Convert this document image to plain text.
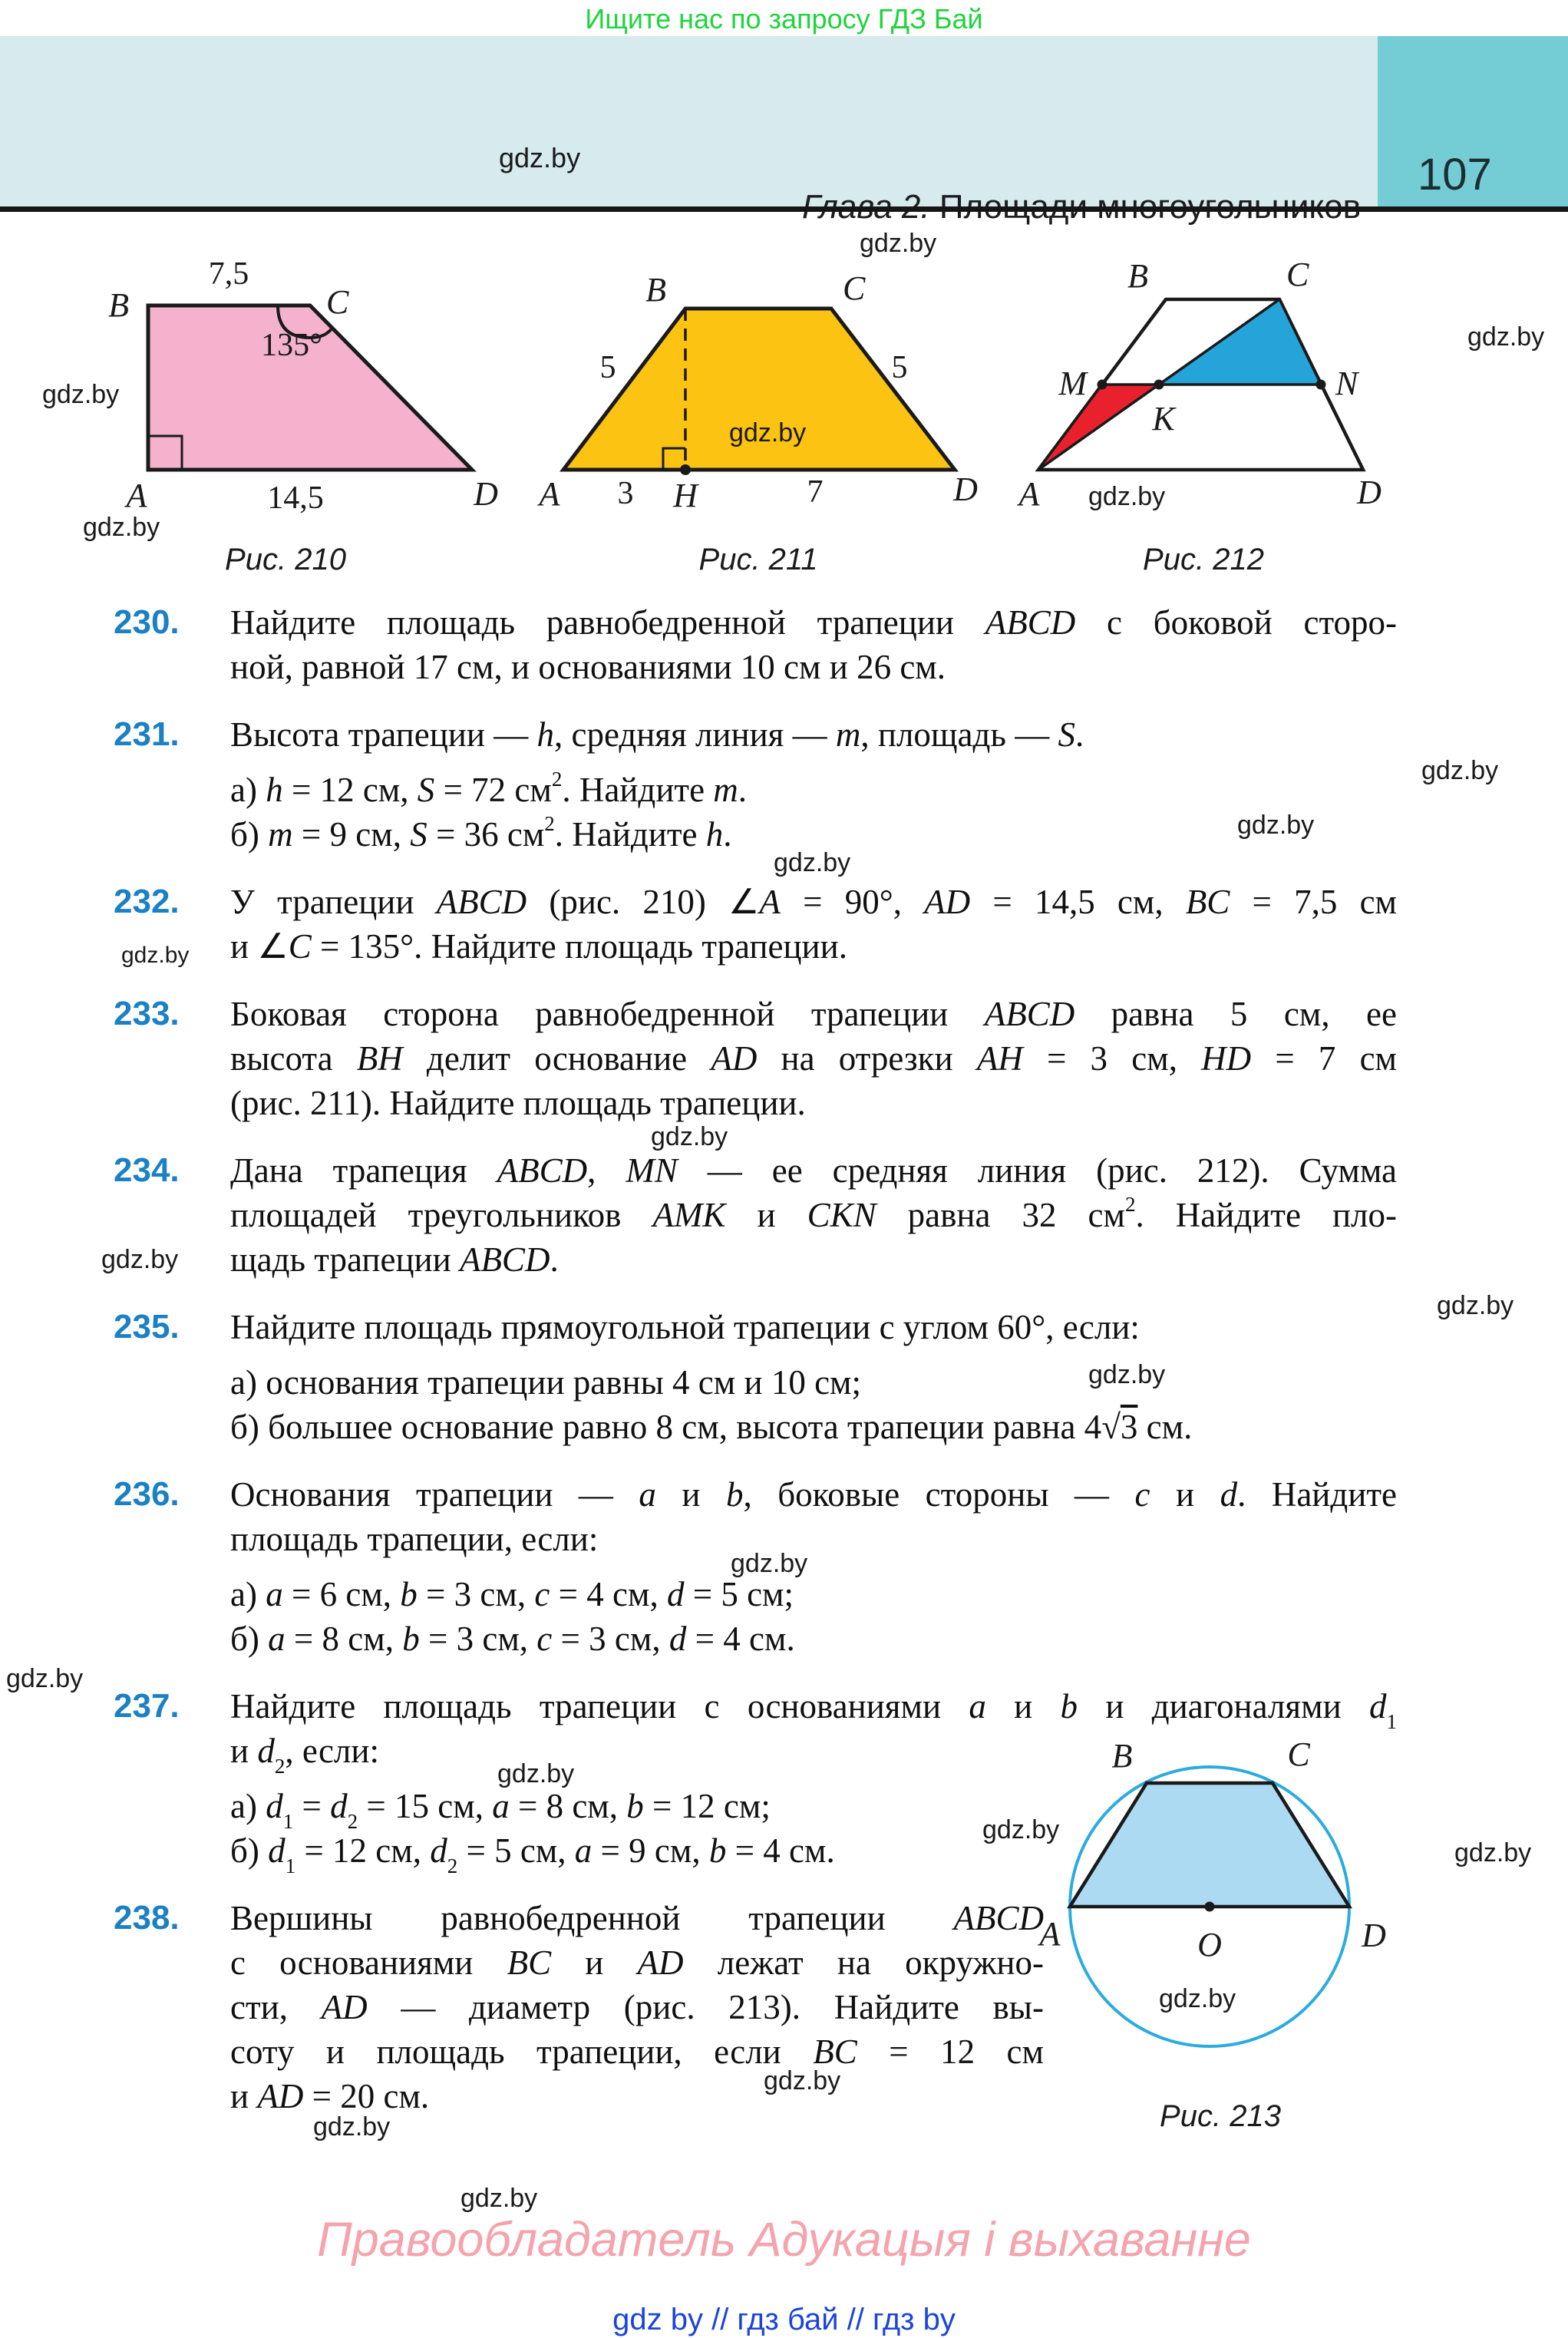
Ищите нас по запросу ГДЗ Бай
107
B	C
A	D
7,5
14,5
135°
Рис. 210
B	C
A	H	D
5	5
3	7
Рис. 211
B	C
M	N
K
A	D
Рис. 212
B	C
A	D
O
Рис. 213
230.	Найдите площадь равнобедренной трапеции ABCD с боковой сторо-
ной, равной 17 см, и основаниями 10 см и 26 см.
231.	Высота трапеции — h, средняя линия — m, площадь — S.
а) h = 12 см, S = 72 $см^2$. Найдите m.
б) m = 9 см, S = 36 $см^2$. Найдите h.
232.	У трапеции ABCD (рис. 210) ∠A = 90°, AD = 14,5 см, BC = 7,5 см
и ∠C = 135°. Найдите площадь трапеции.
233.	Боковая сторона равнобедренной трапеции ABCD равна 5 см, ее
высота BH делит основание AD на отрезки AH = 3 см, HD = 7 см
(рис. 211). Найдите площадь трапеции.
234.	Дана трапеция ABCD, MN — ее средняя линия (рис. 212). Сумма
площадей треугольников AMK и CKN равна 32 $см^2$. Найдите пло-
щадь трапеции ABCD.
235.	Найдите площадь прямоугольной трапеции с углом 60°, если:
а) основания трапеции равны 4 см и 10 см;
б) большее основание равно 8 см, высота трапеции равна 4√3 см.
236.	Основания трапеции — a и b, боковые стороны — c и d. Найдите
площадь трапеции, если:
а) a = 6 см, b = 3 см, c = 4 см, d = 5 см;
б) a = 8 см, b = 3 см, c = 3 см, d = 4 см.
237.	Найдите площадь трапеции с основаниями a и b и диагоналями $d_1$
и $d_2$, если:
а) $d_1 = d_2 = 15$ см, a = 8 см, b = 12 см;
б) $d_1 = 12$ см, $d_2 = 5$ см, a = 9 см, b = 4 см.
238.	Вершины равнобедренной трапеции ABCD
с основаниями BC и AD лежат на окружно-
сти, AD — диаметр (рис. 213). Найдите вы-
соту и площадь трапеции, если BC = 12 см
и AD = 20 см.
gdz.by
gdz.by
gdz.by
gdz.by
gdz.by
gdz.by
gdz.by
gdz.by
gdz.by
gdz.by
gdz.by
gdz.by
gdz.by
gdz.by
gdz.by
gdz.by
gdz.by
gdz.by
gdz.by
gdz.by
gdz.by
gdz.by
gdz.by
gdz.by
Правообладатель Адукацыя і выхаванне
gdz by // гдз бай // гдз by
